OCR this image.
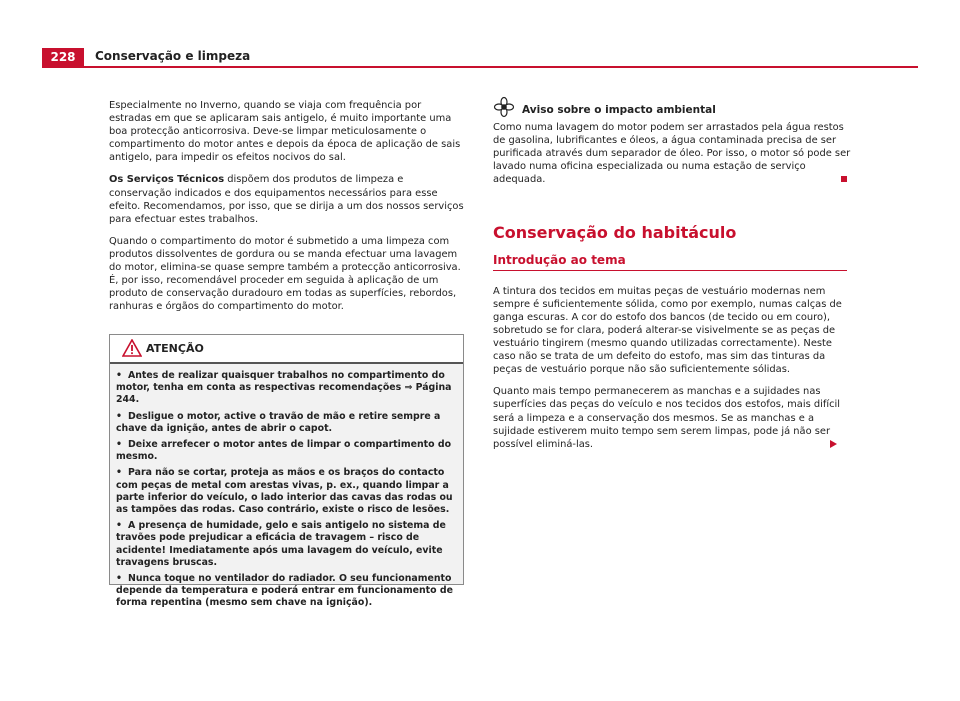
228	Conservação e limpeza

Especialmente no Inverno, quando se viaja com frequência por estradas em que se aplicaram sais antigelo, é muito importante uma boa protecção anticorrosiva. Deve-se limpar meticulosamente o compartimento do motor antes e depois da época de aplicação de sais antigelo, para impedir os efeitos nocivos do sal.

Os Serviços Técnicos dispõem dos produtos de limpeza e conservação indicados e dos equipamentos necessários para esse efeito. Recomendamos, por isso, que se dirija a um dos nossos serviços para efectuar estes trabalhos.

Quando o compartimento do motor é submetido a uma limpeza com produtos dissolventes de gordura ou se manda efectuar uma lavagem do motor, elimina-se quase sempre também a protecção anticorrosiva. É, por isso, recomendável proceder em seguida à aplicação de um produto de conservação duradouro em todas as superfícies, rebordos, ranhuras e órgãos do compartimento do motor.

ATENÇÃO
• Antes de realizar quaisquer trabalhos no compartimento do motor, tenha em conta as respectivas recomendações ⇒ Página 244.
• Desligue o motor, active o travão de mão e retire sempre a chave da ignição, antes de abrir o capot.
• Deixe arrefecer o motor antes de limpar o compartimento do mesmo.
• Para não se cortar, proteja as mãos e os braços do contacto com peças de metal com arestas vivas, p. ex., quando limpar a parte inferior do veículo, o lado interior das cavas das rodas ou as tampões das rodas. Caso contrário, existe o risco de lesões.
• A presença de humidade, gelo e sais antigelo no sistema de travões pode prejudicar a eficácia de travagem – risco de acidente! Imediatamente após uma lavagem do veículo, evite travagens bruscas.
• Nunca toque no ventilador do radiador. O seu funcionamento depende da temperatura e poderá entrar em funcionamento de forma repentina (mesmo sem chave na ignição).
Aviso sobre o impacto ambiental

Como numa lavagem do motor podem ser arrastados pela água restos de gasolina, lubrificantes e óleos, a água contaminada precisa de ser purificada através dum separador de óleo. Por isso, o motor só pode ser lavado numa oficina especializada ou numa estação de serviço adequada.

Conservação do habitáculo
Introdução ao tema

A tintura dos tecidos em muitas peças de vestuário modernas nem sempre é suficientemente sólida, como por exemplo, numas calças de ganga escuras. A cor do estofo dos bancos (de tecido ou em couro), sobretudo se for clara, poderá alterar-se visivelmente se as peças de vestuário tingirem (mesmo quando utilizadas correctamente). Neste caso não se trata de um defeito do estofo, mas sim das tinturas da peças de vestuário porque não são suficientemente sólidas.

Quanto mais tempo permanecerem as manchas e a sujidades nas superfícies das peças do veículo e nos tecidos dos estofos, mais difícil será a limpeza e a conservação dos mesmos. Se as manchas e a sujidade estiverem muito tempo sem serem limpas, pode já não ser possível eliminá-las.
